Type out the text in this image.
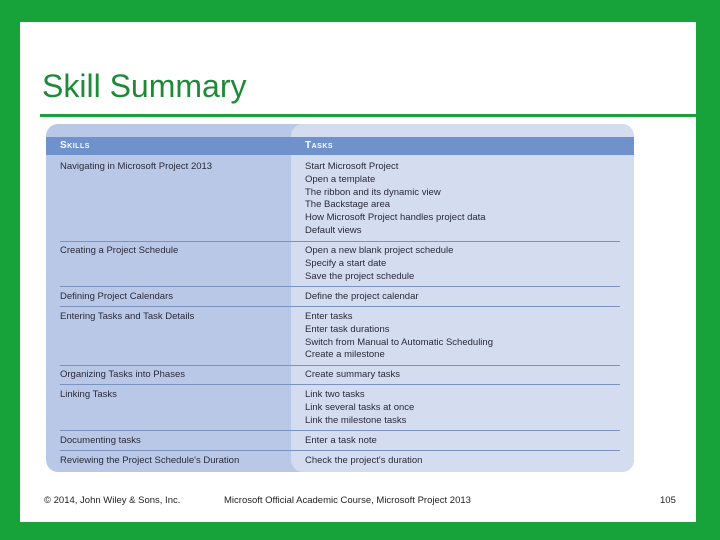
Skill Summary
Skills	Tasks
Navigating in Microsoft Project 2013	Start Microsoft Project
Open a template
The ribbon and its dynamic view
The Backstage area
How Microsoft Project handles project data
Default views
Creating a Project Schedule	Open a new blank project schedule
Specify a start date
Save the project schedule
Defining Project Calendars	Define the project calendar
Entering Tasks and Task Details	Enter tasks
Enter task durations
Switch from Manual to Automatic Scheduling
Create a milestone
Organizing Tasks into Phases	Create summary tasks
Linking Tasks	Link two tasks
Link several tasks at once
Link the milestone tasks
Documenting tasks	Enter a task note
Reviewing the Project Schedule's Duration	Check the project's duration
© 2014, John Wiley & Sons, Inc.	Microsoft Official Academic Course, Microsoft Project 2013	105
